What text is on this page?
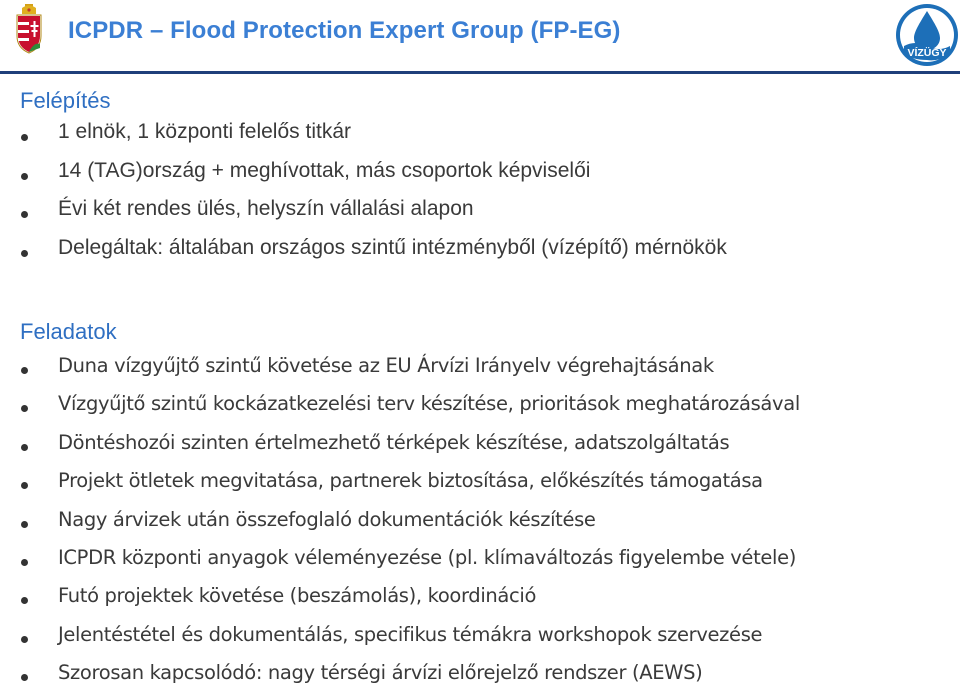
ICPDR – Flood Protection Expert Group (FP-EG)
VÍZÜGY
Felépítés
1 elnök, 1 központi felelős titkár
14 (TAG)ország + meghívottak, más csoportok képviselői
Évi két rendes ülés, helyszín vállalási alapon
Delegáltak: általában országos szintű intézményből (vízépítő) mérnökök
Feladatok
Duna vízgyűjtő szintű követése az EU Árvízi Irányelv végrehajtásának
Vízgyűjtő szintű kockázatkezelési terv készítése, prioritások meghatározásával
Döntéshozói szinten értelmezhető térképek készítése, adatszolgáltatás
Projekt ötletek megvitatása, partnerek biztosítása, előkészítés támogatása
Nagy árvizek után összefoglaló dokumentációk készítése
ICPDR központi anyagok véleményezése (pl. klímaváltozás figyelembe vétele)
Futó projektek követése (beszámolás), koordináció
Jelentéstétel és dokumentálás, specifikus témákra workshopok szervezése
Szorosan kapcsolódó: nagy térségi árvízi előrejelző rendszer (AEWS)
